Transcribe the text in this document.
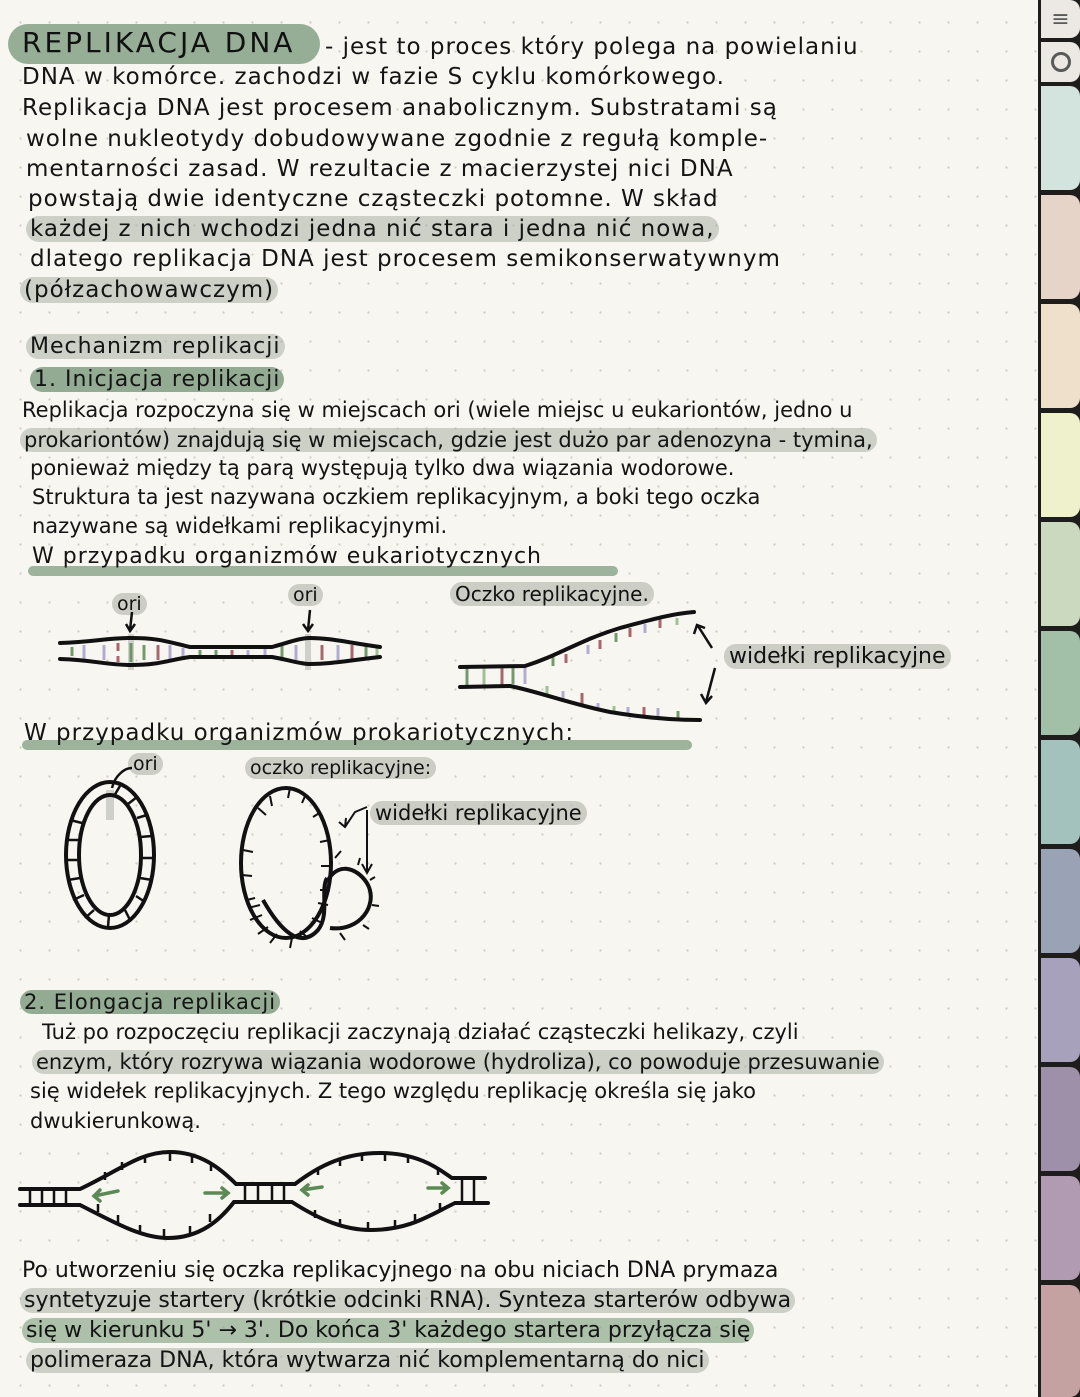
REPLIKACJA DNA - jest to proces który polega na powielaniu
DNA w komórce. zachodzi w fazie S cyklu komórkowego.
Replikacja DNA jest procesem anabolicznym. Substratami są
wolne nukleotydy dobudowywane zgodnie z regułą komple-
mentarności zasad. W rezultacie z macierzystej nici DNA
powstają dwie identyczne cząsteczki potomne. W skład
każdej z nich wchodzi jedna nić stara i jedna nić nowa,
dlatego replikacja DNA jest procesem semikonserwatywnym
(półzachowawczym)
Mechanizm replikacji
1. Inicjacja replikacji
Replikacja rozpoczyna się w miejscach ori (wiele miejsc u eukariontów, jedno u
prokariontów) znajdują się w miejscach, gdzie jest dużo par adenozyna - tymina,
ponieważ między tą parą występują tylko dwa wiązania wodorowe.
Struktura ta jest nazywana oczkiem replikacyjnym, a boki tego oczka
nazywane są widełkami replikacyjnymi.
W przypadku organizmów eukariotycznych
ori	ori	Oczko replikacyjne.
widełki replikacyjne
W przypadku organizmów prokariotycznych:
ori	oczko replikacyjne:
widełki replikacyjne
2. Elongacja replikacji
Tuż po rozpoczęciu replikacji zaczynają działać cząsteczki helikazy, czyli
enzym, który rozrywa wiązania wodorowe (hydroliza), co powoduje przesuwanie
się widełek replikacyjnych. Z tego względu replikację określa się jako
dwukierunkową.
Po utworzeniu się oczka replikacyjnego na obu niciach DNA prymaza
syntetyzuje startery (krótkie odcinki RNA). Synteza starterów odbywa
się w kierunku 5' → 3'. Do końca 3' każdego startera przyłącza się
polimeraza DNA, która wytwarza nić komplementarną do nici
≡
